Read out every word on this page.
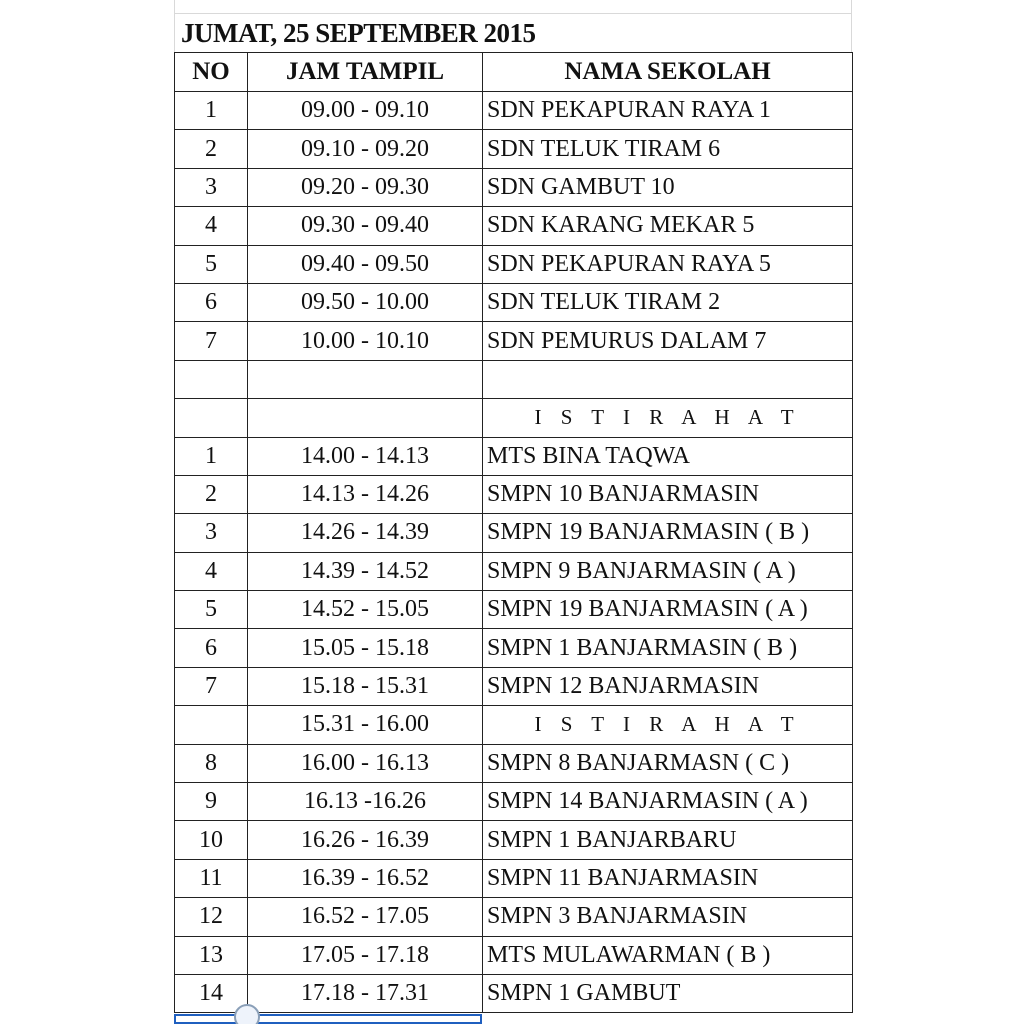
JUMAT, 25 SEPTEMBER 2015
NO	JAM TAMPIL	NAMA SEKOLAH
1	09.00 - 09.10	SDN PEKAPURAN RAYA 1
2	09.10 - 09.20	SDN TELUK TIRAM 6
3	09.20 - 09.30	SDN GAMBUT 10
4	09.30 - 09.40	SDN KARANG MEKAR 5
5	09.40 - 09.50	SDN PEKAPURAN RAYA 5
6	09.50 - 10.00	SDN TELUK TIRAM 2
7	10.00 - 10.10	SDN PEMURUS DALAM 7

		I S T I R A H A T
1	14.00 - 14.13	MTS BINA TAQWA
2	14.13 - 14.26	SMPN 10 BANJARMASIN
3	14.26 - 14.39	SMPN 19 BANJARMASIN ( B )
4	14.39 - 14.52	SMPN 9 BANJARMASIN ( A )
5	14.52 - 15.05	SMPN 19 BANJARMASIN ( A )
6	15.05 - 15.18	SMPN 1 BANJARMASIN ( B )
7	15.18 - 15.31	SMPN 12 BANJARMASIN
	15.31 - 16.00	I S T I R A H A T
8	16.00 - 16.13	SMPN 8 BANJARMASN ( C )
9	16.13 -16.26	SMPN 14 BANJARMASIN ( A )
10	16.26 - 16.39	SMPN 1 BANJARBARU
11	16.39 - 16.52	SMPN 11 BANJARMASIN
12	16.52 - 17.05	SMPN 3 BANJARMASIN
13	17.05 - 17.18	MTS MULAWARMAN ( B )
14	17.18 - 17.31	SMPN 1 GAMBUT
